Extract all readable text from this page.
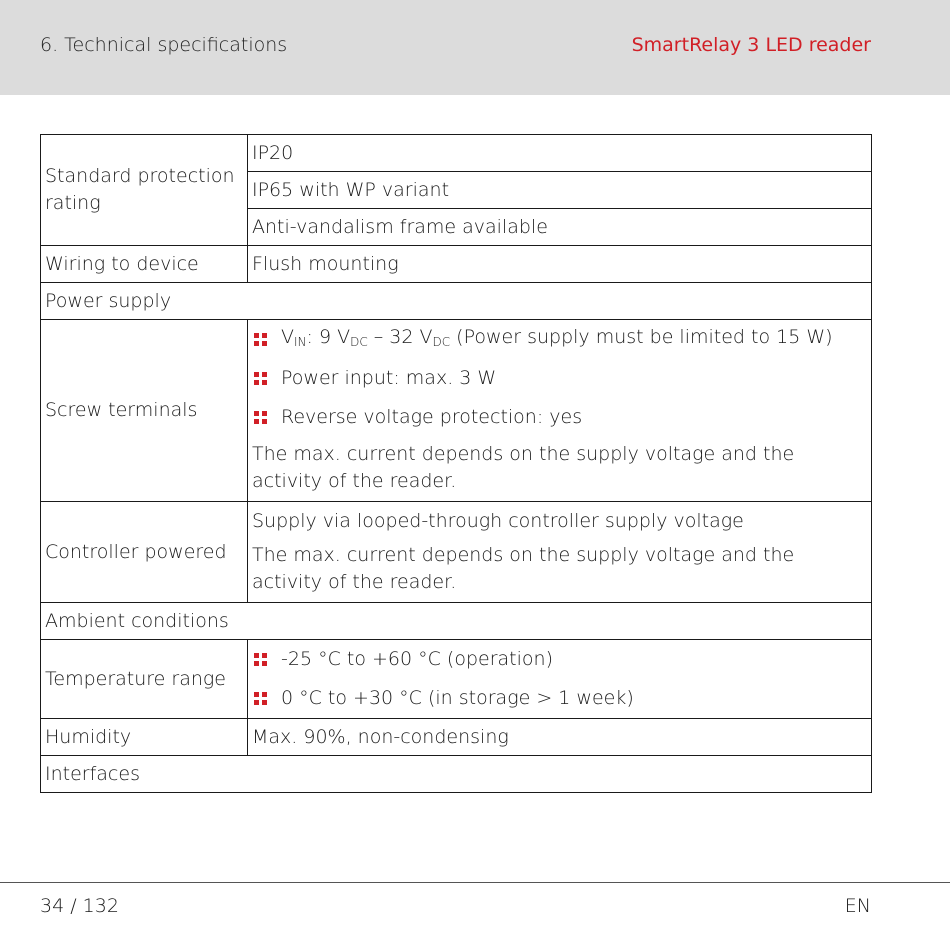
6. Technical specifications	SmartRelay 3 LED reader
Standard protection rating	IP20
	IP65 with WP variant
	Anti-vandalism frame available
Wiring to device	Flush mounting
Power supply	
Screw terminals	$V_{IN}$: 9 $V_{DC} - 32$ $V_{DC}$ (Power supply must be limited to 15 W)
Power input: max. 3 W
Reverse voltage protection: yes
The max. current depends on the supply voltage and the activity of the reader.

Controller powered	Supply via looped-through controller supply voltage
The max. current depends on the supply voltage and the activity of the reader.

Ambient conditions	
Temperature range	-25 °C to +60 °C (operation)
0 °C to +30 °C (in storage > 1 week)

Humidity	Max. 90%, non-condensing
Interfaces	
34 / 132	EN
